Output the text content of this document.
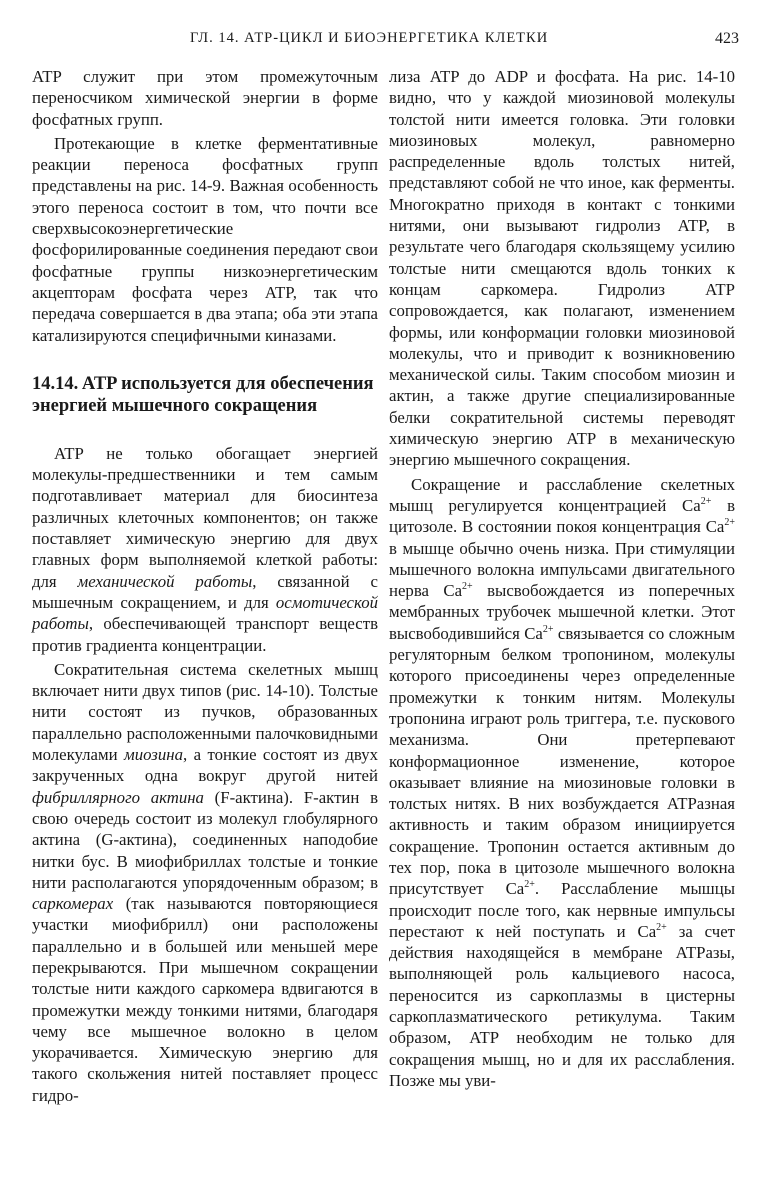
ГЛ. 14. АТР-ЦИКЛ И БИОЭНЕРГЕТИКА КЛЕТКИ	423

ATP служит при этом промежуточным переносчиком химической энергии в форме фосфатных групп.

Протекающие в клетке ферментативные реакции переноса фосфатных групп представлены на рис. 14-9. Важная особенность этого переноса состоит в том, что почти все сверхвысокоэнергетические фосфорилированные соединения передают свои фосфатные группы низкоэнергетическим акцепторам фосфата через ATP, так что передача совершается в два этапа; оба эти этапа катализируются специфичными киназами.

14.14. ATP используется для обеспечения энергией мышечного сокращения

ATP не только обогащает энергией молекулы-предшественники и тем самым подготавливает материал для биосинтеза различных клеточных компонентов; он также поставляет химическую энергию для двух главных форм выполняемой клеткой работы: для механической работы, связанной с мышечным сокращением, и для осмотической работы, обеспечивающей транспорт веществ против градиента концентрации.

Сократительная система скелетных мышц включает нити двух типов (рис. 14-10). Толстые нити состоят из пучков, образованных параллельно расположенными палочковидными молекулами миозина, а тонкие состоят из двух закрученных одна вокруг другой нитей фибриллярного актина (F-актина). F-актин в свою очередь состоит из молекул глобулярного актина (G-актина), соединенных наподобие нитки бус. В миофибриллах толстые и тонкие нити располагаются упорядоченным образом; в саркомерах (так называются повторяющиеся участки миофибрилл) они расположены параллельно и в большей или меньшей мере перекрываются. При мышечном сокращении толстые нити каждого саркомера вдвигаются в промежутки между тонкими нитями, благодаря чему все мышечное волокно в целом укорачивается. Химическую энергию для такого скольжения нитей поставляет процесс гидро-

лиза ATP до ADP и фосфата. На рис. 14-10 видно, что у каждой миозиновой молекулы толстой нити имеется головка. Эти головки миозиновых молекул, равномерно распределенные вдоль толстых нитей, представляют собой не что иное, как ферменты. Многократно приходя в контакт с тонкими нитями, они вызывают гидролиз ATP, в результате чего благодаря скользящему усилию толстые нити смещаются вдоль тонких к концам саркомера. Гидролиз ATP сопровождается, как полагают, изменением формы, или конформации головки миозиновой молекулы, что и приводит к возникновению механической силы. Таким способом миозин и актин, а также другие специализированные белки сократительной системы переводят химическую энергию ATP в механическую энергию мышечного сокращения.

Сокращение и расслабление скелетных мышц регулируется концентрацией $Ca^{2+}$ в цитозоле. В состоянии покоя концентрация $Ca^{2+}$ в мышце обычно очень низка. При стимуляции мышечного волокна импульсами двигательного нерва $Ca^{2+}$ высвобождается из поперечных мембранных трубочек мышечной клетки. Этот высвободившийся $Ca^{2+}$ связывается со сложным регуляторным белком тропонином, молекулы которого присоединены через определенные промежутки к тонким нитям. Молекулы тропонина играют роль триггера, т.е. пускового механизма. Они претерпевают конформационное изменение, которое оказывает влияние на миозиновые головки в толстых нитях. В них возбуждается ATPазная активность и таким образом инициируется сокращение. Тропонин остается активным до тех пор, пока в цитозоле мышечного волокна присутствует $Ca^{2+}$. Расслабление мышцы происходит после того, как нервные импульсы перестают к ней поступать и $Ca^{2+}$ за счет действия находящейся в мембране ATPазы, выполняющей роль кальциевого насоса, переносится из саркоплазмы в цистерны саркоплазматического ретикулума. Таким образом, ATP необходим не только для сокращения мышц, но и для их расслабления. Позже мы уви-
